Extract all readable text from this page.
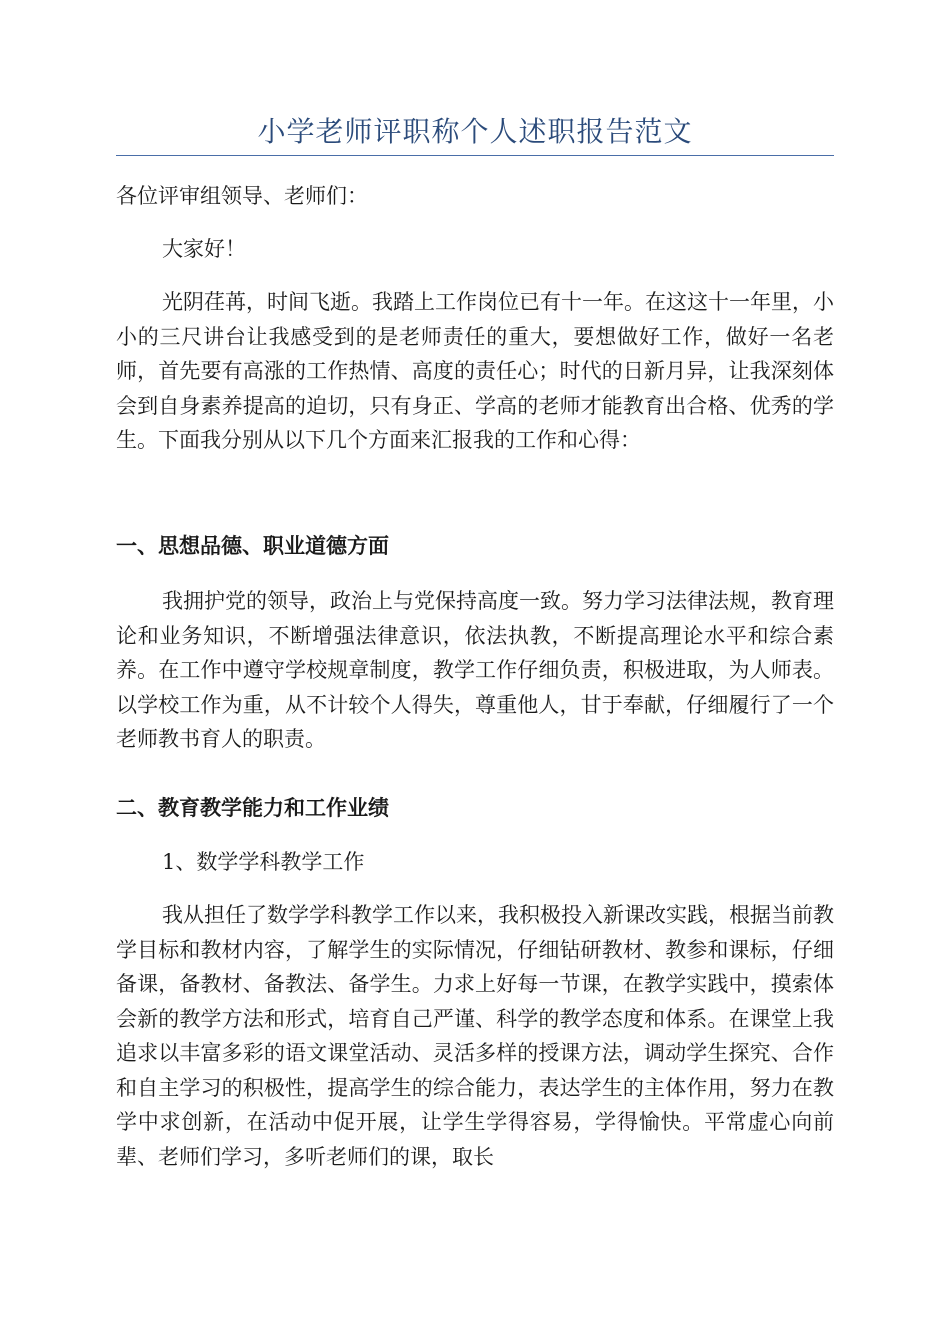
小学老师评职称个人述职报告范文

各位评审组领导、老师们：

大家好！

光阴荏苒，时间飞逝。我踏上工作岗位已有十一年。在这这十一年里，小小的三尺讲台让我感受到的是老师责任的重大，要想做好工作，做好一名老师，首先要有高涨的工作热情、高度的责任心；时代的日新月异，让我深刻体会到自身素养提高的迫切，只有身正、学高的老师才能教育出合格、优秀的学生。下面我分别从以下几个方面来汇报我的工作和心得：

一、思想品德、职业道德方面

我拥护党的领导，政治上与党保持高度一致。努力学习法律法规，教育理论和业务知识，不断增强法律意识，依法执教，不断提高理论水平和综合素养。在工作中遵守学校规章制度，教学工作仔细负责，积极进取，为人师表。以学校工作为重，从不计较个人得失，尊重他人，甘于奉献，仔细履行了一个老师教书育人的职责。

二、教育教学能力和工作业绩

1、数学学科教学工作

我从担任了数学学科教学工作以来，我积极投入新课改实践，根据当前教学目标和教材内容，了解学生的实际情况，仔细钻研教材、教参和课标，仔细备课，备教材、备教法、备学生。力求上好每一节课，在教学实践中，摸索体会新的教学方法和形式，培育自己严谨、科学的教学态度和体系。在课堂上我追求以丰富多彩的语文课堂活动、灵活多样的授课方法，调动学生探究、合作和自主学习的积极性，提高学生的综合能力，表达学生的主体作用，努力在教学中求创新，在活动中促开展，让学生学得容易，学得愉快。平常虚心向前辈、老师们学习，多听老师们的课，取长
